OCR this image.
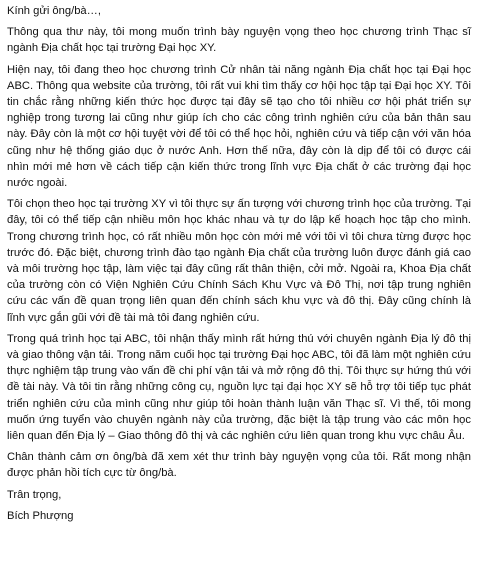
Kính gửi ông/bà…,

Thông qua thư này, tôi mong muốn trình bày nguyện vọng theo học chương trình Thạc sĩ ngành Địa chất học tại trường Đại học XY.

Hiện nay, tôi đang theo học chương trình Cử nhân tài năng ngành Địa chất học tại Đại học ABC. Thông qua website của trường, tôi rất vui khi tìm thấy cơ hội học tập tại Đại học XY. Tôi tin chắc rằng những kiến thức học được tại đây sẽ tạo cho tôi nhiều cơ hội phát triển sự nghiệp trong tương lai cũng như giúp ích cho các công trình nghiên cứu của bản thân sau này. Đây còn là một cơ hội tuyệt vời để tôi có thể học hỏi, nghiên cứu và tiếp cận với văn hóa cũng như hệ thống giáo dục ở nước Anh. Hơn thế nữa, đây còn là dịp để tôi có được cái nhìn mới mẻ hơn về cách tiếp cận kiến thức trong lĩnh vực Địa chất ở các trường đại học nước ngoài.

Tôi chọn theo học tại trường XY vì tôi thực sự ấn tượng với chương trình học của trường. Tại đây, tôi có thể tiếp cận nhiều môn học khác nhau và tự do lập kế hoạch học tập cho mình. Trong chương trình học, có rất nhiều môn học còn mới mẻ với tôi vì tôi chưa từng được học trước đó. Đặc biệt, chương trình đào tạo ngành Địa chất của trường luôn được đánh giá cao và môi trường học tập, làm việc tại đây cũng rất thân thiện, cởi mở. Ngoài ra, Khoa Địa chất của trường còn có Viện Nghiên Cứu Chính Sách Khu Vực và Đô Thị, nơi tập trung nghiên cứu các vấn đề quan trọng liên quan đến chính sách khu vực và đô thị. Đây cũng chính là lĩnh vực gắn gũi với đề tài mà tôi đang nghiên cứu.

Trong quá trình học tại ABC, tôi nhận thấy mình rất hứng thú với chuyên ngành Địa lý đô thị và giao thông vận tải. Trong năm cuối học tại trường Đại học ABC, tôi đã làm một nghiên cứu thực nghiệm tập trung vào vấn đề chi phí vận tải và mở rộng đô thị. Tôi thực sự hứng thú với đề tài này. Và tôi tin rằng những công cụ, nguồn lực tại đại học XY sẽ hỗ trợ tôi tiếp tục phát triển nghiên cứu của mình cũng như giúp tôi hoàn thành luận văn Thạc sĩ. Vì thế, tôi mong muốn ứng tuyển vào chuyên ngành này của trường, đặc biệt là tập trung vào các môn học liên quan đến Địa lý – Giao thông đô thị và các nghiên cứu liên quan trong khu vực châu Âu.

Chân thành cảm ơn ông/bà đã xem xét thư trình bày nguyện vọng của tôi. Rất mong nhận được phản hồi tích cực từ ông/bà.

Trân trọng,

Bích Phượng
